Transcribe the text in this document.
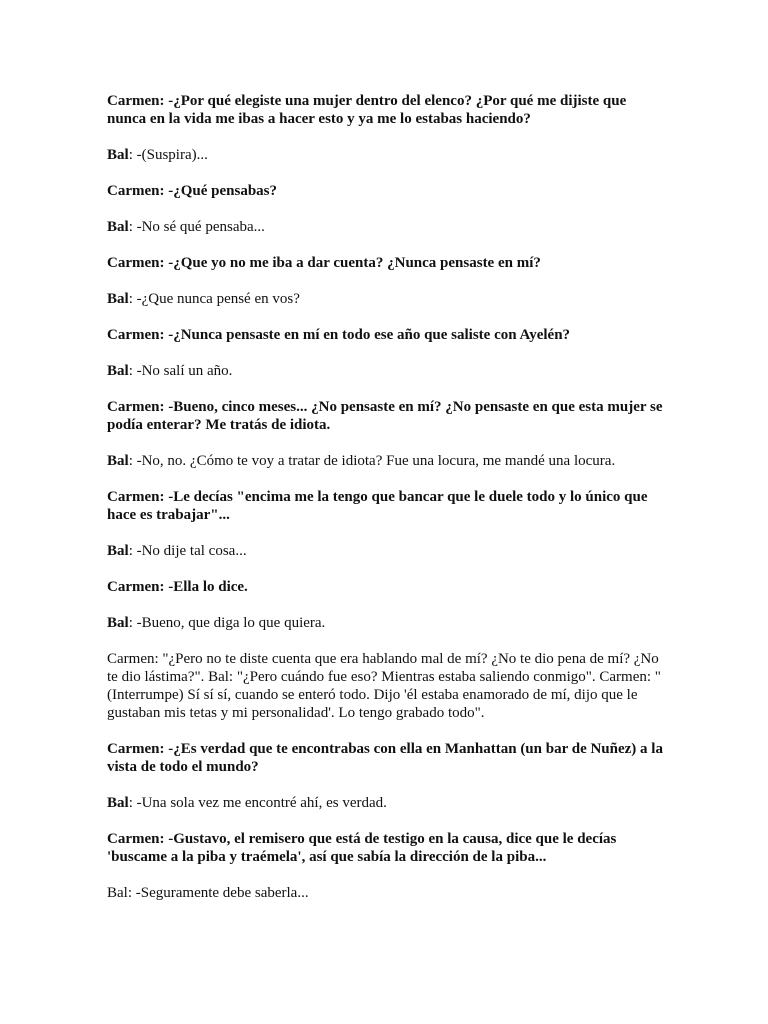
Carmen: -¿Por qué elegiste una mujer dentro del elenco? ¿Por qué me dijiste que nunca en la vida me ibas a hacer esto y ya me lo estabas haciendo?

Bal: -(Suspira)...

Carmen: -¿Qué pensabas?

Bal: -No sé qué pensaba...

Carmen: -¿Que yo no me iba a dar cuenta? ¿Nunca pensaste en mí?

Bal: -¿Que nunca pensé en vos?

Carmen: -¿Nunca pensaste en mí en todo ese año que saliste con Ayelén?

Bal: -No salí un año.

Carmen: -Bueno, cinco meses... ¿No pensaste en mí? ¿No pensaste en que esta mujer se podía enterar? Me tratás de idiota.

Bal: -No, no. ¿Cómo te voy a tratar de idiota? Fue una locura, me mandé una locura.

Carmen: -Le decías "encima me la tengo que bancar que le duele todo y lo único que hace es trabajar"...

Bal: -No dije tal cosa...

Carmen: -Ella lo dice.

Bal: -Bueno, que diga lo que quiera.

Carmen: "¿Pero no te diste cuenta que era hablando mal de mí? ¿No te dio pena de mí? ¿No te dio lástima?". Bal: "¿Pero cuándo fue eso? Mientras estaba saliendo conmigo". Carmen: "(Interrumpe) Sí sí sí, cuando se enteró todo. Dijo 'él estaba enamorado de mí, dijo que le gustaban mis tetas y mi personalidad'. Lo tengo grabado todo".

Carmen: -¿Es verdad que te encontrabas con ella en Manhattan (un bar de Nuñez) a la vista de todo el mundo?

Bal: -Una sola vez me encontré ahí, es verdad.

Carmen: -Gustavo, el remisero que está de testigo en la causa, dice que le decías 'buscame a la piba y traémela', así que sabía la dirección de la piba...

Bal: -Seguramente debe saberla...
